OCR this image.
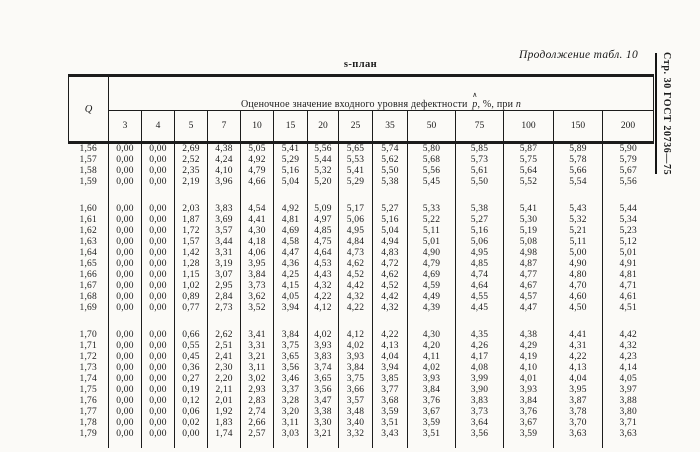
Продолжение табл. 10 Стр. 30 ГОСТ 20736—75
s-план
Q	Оценочное значение входного уровня дефектности
∧
p, %, при n													
	3	4	5	7	10	15	20	25	35	50	75	100	150	200
1,56	0,00	0,00	2,69	4,38	5,05	5,41	5,56	5,65	5,74	5,80	5,85	5,87	5,89	5,90
1,57	0,00	0,00	2,52	4,24	4,92	5,29	5,44	5,53	5,62	5,68	5,73	5,75	5,78	5,79
1,58	0,00	0,00	2,35	4,10	4,79	5,16	5,32	5,41	5,50	5,56	5,61	5,64	5,66	5,67
1,59	0,00	0,00	2,19	3,96	4,66	5,04	5,20	5,29	5,38	5,45	5,50	5,52	5,54	5,56

1,60	0,00	0,00	2,03	3,83	4,54	4,92	5,09	5,17	5,27	5,33	5,38	5,41	5,43	5,44
1,61	0,00	0,00	1,87	3,69	4,41	4,81	4,97	5,06	5,16	5,22	5,27	5,30	5,32	5,34
1,62	0,00	0,00	1,72	3,57	4,30	4,69	4,85	4,95	5,04	5,11	5,16	5,19	5,21	5,23
1,63	0,00	0,00	1,57	3,44	4,18	4,58	4,75	4,84	4,94	5,01	5,06	5,08	5,11	5,12
1,64	0,00	0,00	1,42	3,31	4,06	4,47	4,64	4,73	4,83	4,90	4,95	4,98	5,00	5,01
1,65	0,00	0,00	1,28	3,19	3,95	4,36	4,53	4,62	4,72	4,79	4,85	4,87	4,90	4,91
1,66	0,00	0,00	1,15	3,07	3,84	4,25	4,43	4,52	4,62	4,69	4,74	4,77	4,80	4,81
1,67	0,00	0,00	1,02	2,95	3,73	4,15	4,32	4,42	4,52	4,59	4,64	4,67	4,70	4,71
1,68	0,00	0,00	0,89	2,84	3,62	4,05	4,22	4,32	4,42	4,49	4,55	4,57	4,60	4,61
1,69	0,00	0,00	0,77	2,73	3,52	3,94	4,12	4,22	4,32	4,39	4,45	4,47	4,50	4,51

1,70	0,00	0,00	0,66	2,62	3,41	3,84	4,02	4,12	4,22	4,30	4,35	4,38	4,41	4,42
1,71	0,00	0,00	0,55	2,51	3,31	3,75	3,93	4,02	4,13	4,20	4,26	4,29	4,31	4,32
1,72	0,00	0,00	0,45	2,41	3,21	3,65	3,83	3,93	4,04	4,11	4,17	4,19	4,22	4,23
1,73	0,00	0,00	0,36	2,30	3,11	3,56	3,74	3,84	3,94	4,02	4,08	4,10	4,13	4,14
1,74	0,00	0,00	0,27	2,20	3,02	3,46	3,65	3,75	3,85	3,93	3,99	4,01	4,04	4,05
1,75	0,00	0,00	0,19	2,11	2,93	3,37	3,56	3,66	3,77	3,84	3,90	3,93	3,95	3,97
1,76	0,00	0,00	0,12	2,01	2,83	3,28	3,47	3,57	3,68	3,76	3,83	3,84	3,87	3,88
1,77	0,00	0,00	0,06	1,92	2,74	3,20	3,38	3,48	3,59	3,67	3,73	3,76	3,78	3,80
1,78	0,00	0,00	0,02	1,83	2,66	3,11	3,30	3,40	3,51	3,59	3,64	3,67	3,70	3,71
1,79	0,00	0,00	0,00	1,74	2,57	3,03	3,21	3,32	3,43	3,51	3,56	3,59	3,63	3,63
